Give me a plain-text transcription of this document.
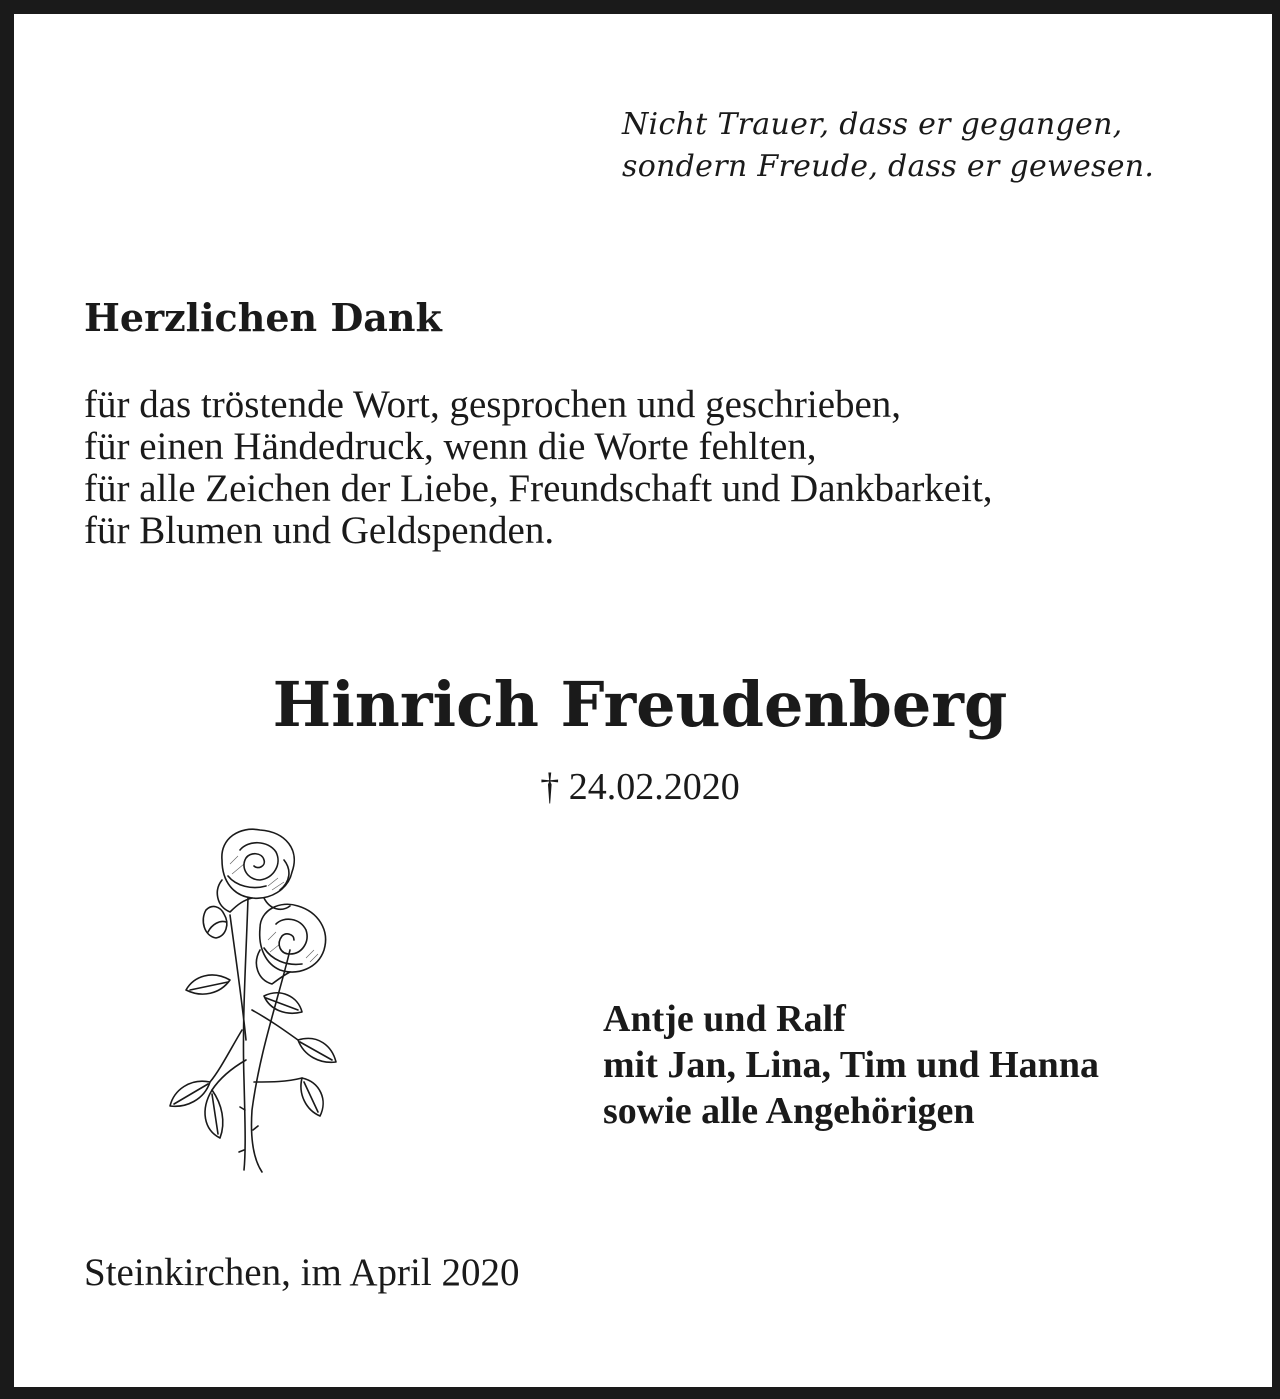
Nicht Trauer, dass er gegangen,
sondern Freude, dass er gewesen.
Herzlichen Dank
für das tröstende Wort, gesprochen und geschrieben,
für einen Händedruck, wenn die Worte fehlten,
für alle Zeichen der Liebe, Freundschaft und Dankbarkeit,
für Blumen und Geldspenden.
Hinrich Freudenberg
† 24.02.2020
Antje und Ralf
mit Jan, Lina, Tim und Hanna
sowie alle Angehörigen
Steinkirchen, im April 2020
